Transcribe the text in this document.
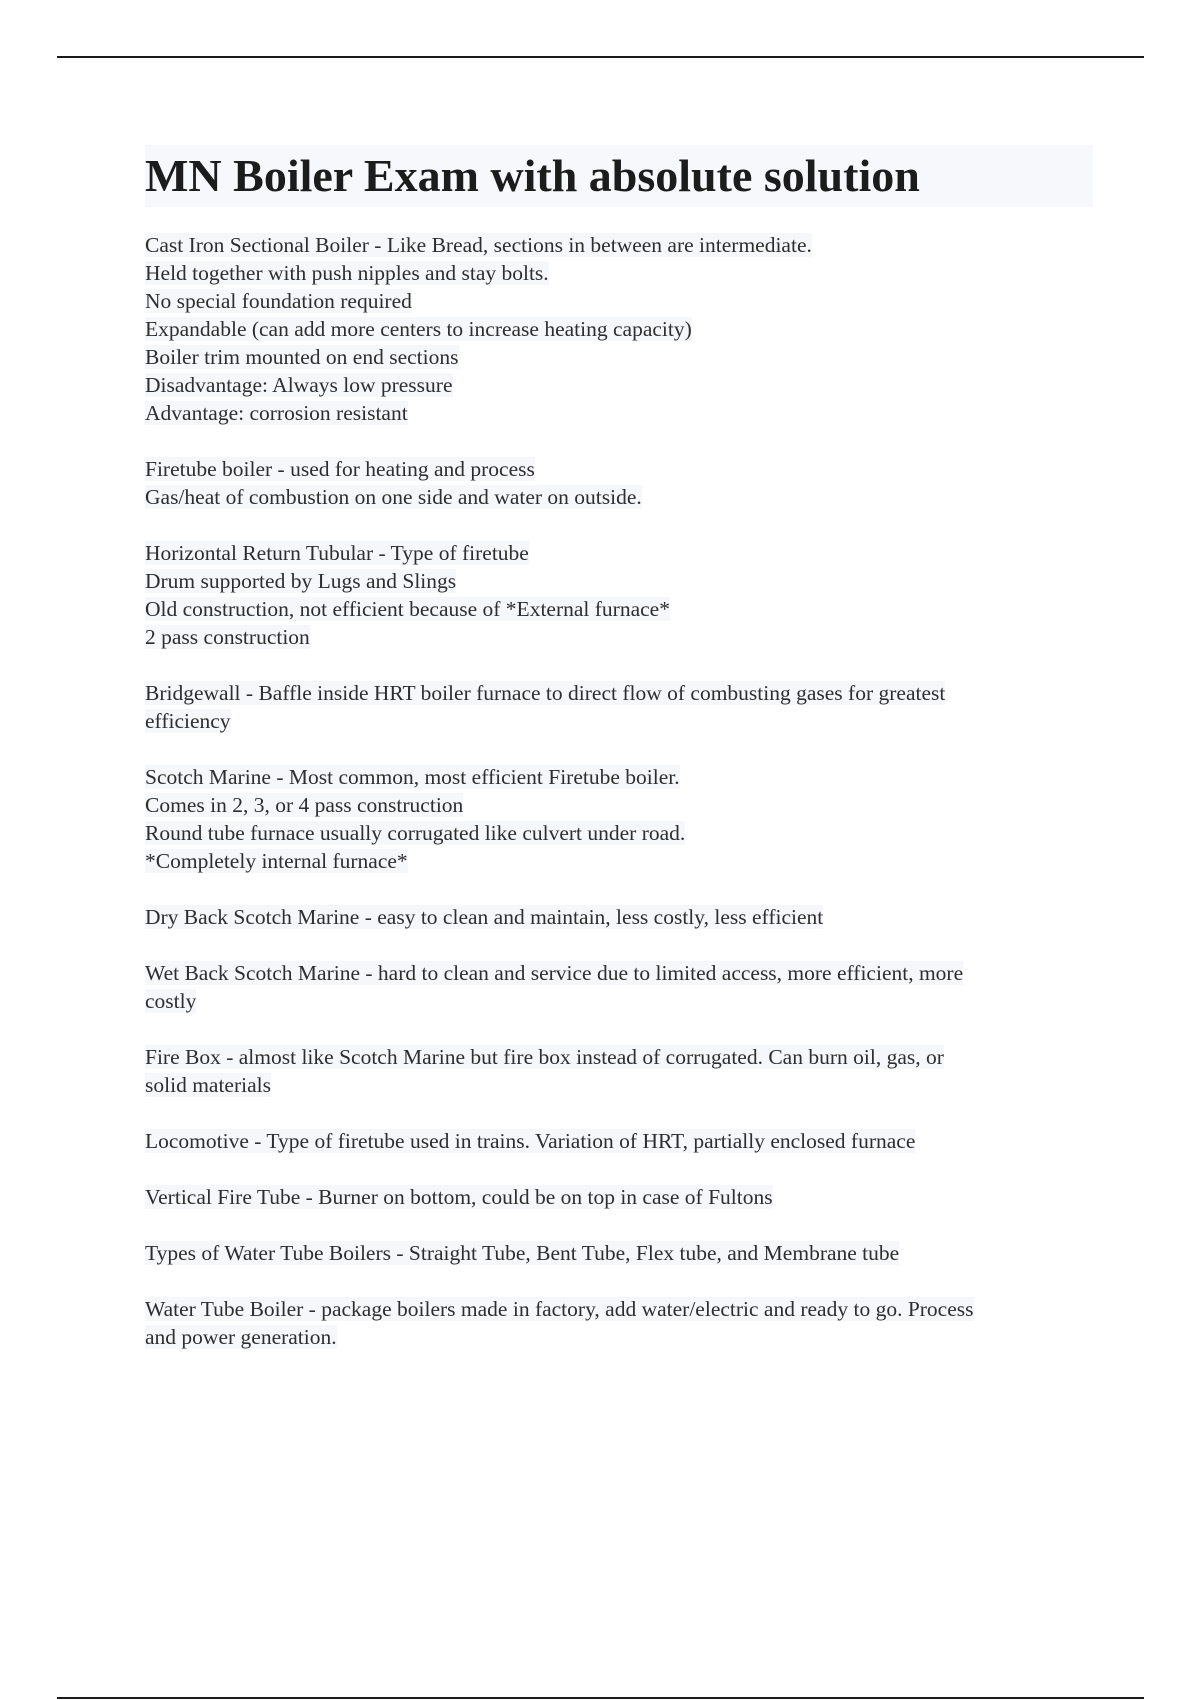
MN Boiler Exam with absolute solution
Cast Iron Sectional Boiler - Like Bread, sections in between are intermediate.
Held together with push nipples and stay bolts.
No special foundation required
Expandable (can add more centers to increase heating capacity)
Boiler trim mounted on end sections
Disadvantage: Always low pressure
Advantage: corrosion resistant
Firetube boiler - used for heating and process
Gas/heat of combustion on one side and water on outside.
Horizontal Return Tubular - Type of firetube
Drum supported by Lugs and Slings
Old construction, not efficient because of *External furnace*
2 pass construction
Bridgewall - Baffle inside HRT boiler furnace to direct flow of combusting gases for greatest
efficiency
Scotch Marine - Most common, most efficient Firetube boiler.
Comes in 2, 3, or 4 pass construction
Round tube furnace usually corrugated like culvert under road.
*Completely internal furnace*
Dry Back Scotch Marine - easy to clean and maintain, less costly, less efficient
Wet Back Scotch Marine - hard to clean and service due to limited access, more efficient, more
costly
Fire Box - almost like Scotch Marine but fire box instead of corrugated. Can burn oil, gas, or
solid materials
Locomotive - Type of firetube used in trains. Variation of HRT, partially enclosed furnace
Vertical Fire Tube - Burner on bottom, could be on top in case of Fultons
Types of Water Tube Boilers - Straight Tube, Bent Tube, Flex tube, and Membrane tube
Water Tube Boiler - package boilers made in factory, add water/electric and ready to go. Process
and power generation.
